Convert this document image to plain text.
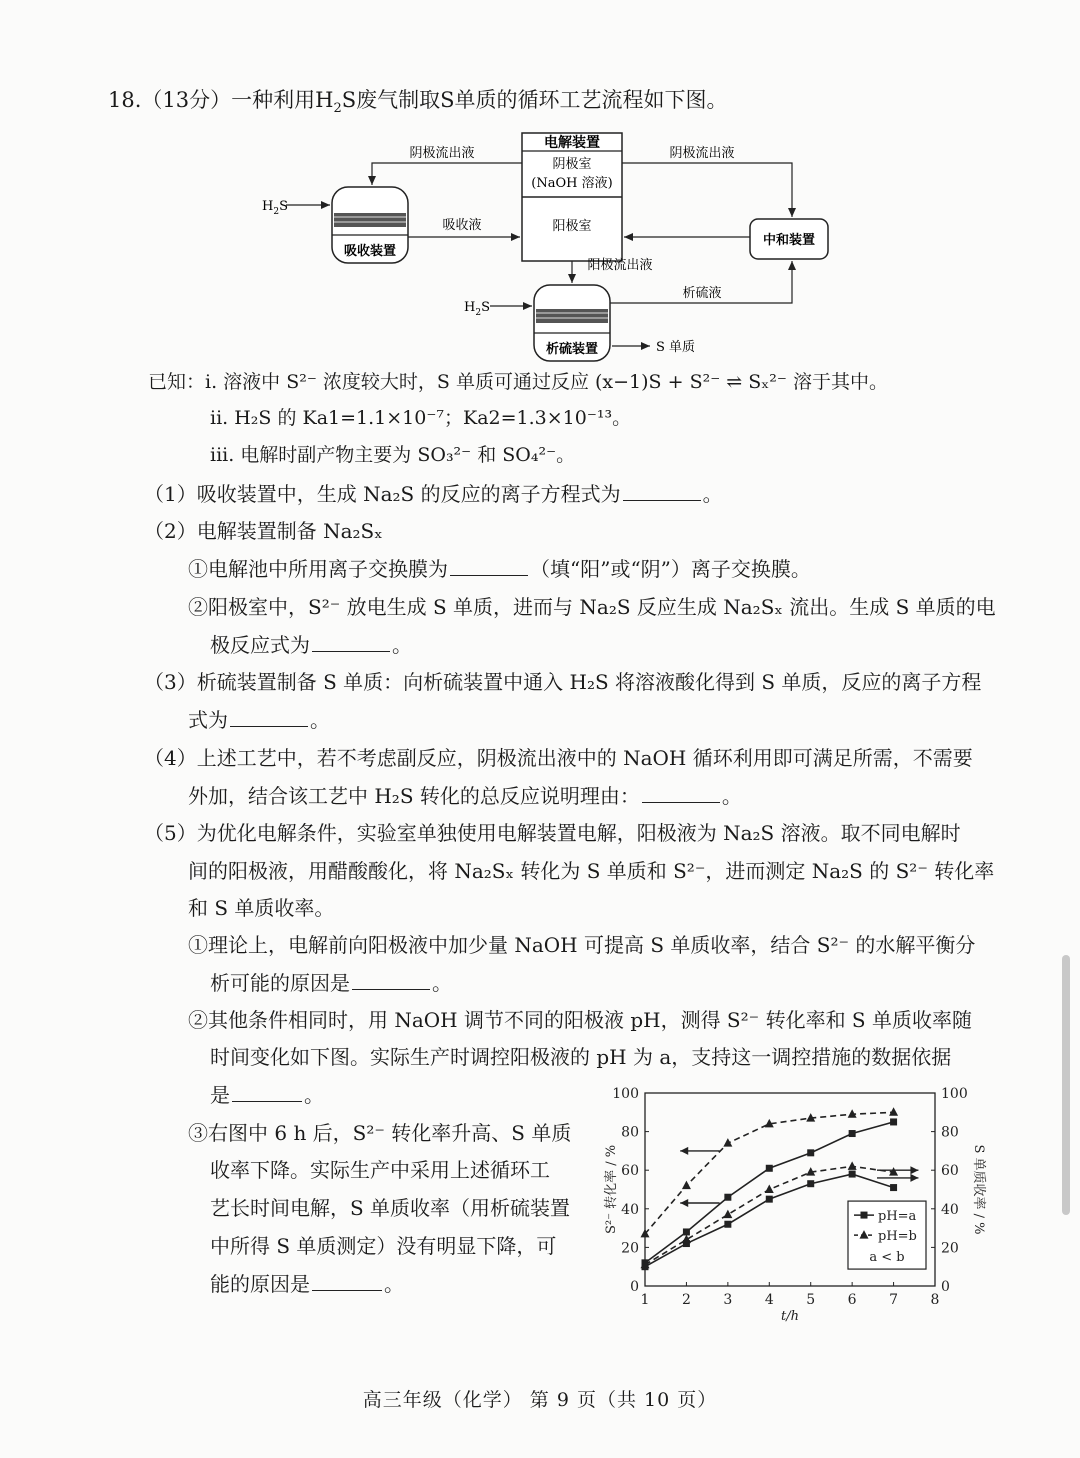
18.（13分）一种利用$H_2S$废气制取S单质的循环工艺流程如下图。
电解装置
阴极室
(NaOH 溶液)
阳极室
吸收装置
中和装置
析硫装置
阴极流出液	阴极流出液
吸收液
阳极流出液
析硫液
$H_2S$
$H_2S$
S 单质
已知：i. 溶液中 S²⁻ 浓度较大时，S 单质可通过反应 (x−1)S + S²⁻ ⇌ Sₓ²⁻ 溶于其中。
ii. H₂S 的 Ka1=1.1×10⁻⁷；Ka2=1.3×10⁻¹³。
iii. 电解时副产物主要为 SO₃²⁻ 和 SO₄²⁻。
（1）吸收装置中，生成 Na₂S 的反应的离子方程式为	。
（2）电解装置制备 Na₂Sₓ
①电解池中所用离子交换膜为	（填“阳”或“阴”）离子交换膜。
②阳极室中，S²⁻ 放电生成 S 单质，进而与 Na₂S 反应生成 Na₂Sₓ 流出。生成 S 单质的电
极反应式为	。
（3）析硫装置制备 S 单质：向析硫装置中通入 H₂S 将溶液酸化得到 S 单质，反应的离子方程
式为	。
（4）上述工艺中，若不考虑副反应，阴极流出液中的 NaOH 循环利用即可满足所需，不需要
外加，结合该工艺中 H₂S 转化的总反应说明理由：	。
（5）为优化电解条件，实验室单独使用电解装置电解，阳极液为 Na₂S 溶液。取不同电解时
间的阳极液，用醋酸酸化，将 Na₂Sₓ 转化为 S 单质和 S²⁻，进而测定 Na₂S 的 S²⁻ 转化率
和 S 单质收率。
①理论上，电解前向阳极液中加少量 NaOH 可提高 S 单质收率，结合 S²⁻ 的水解平衡分
析可能的原因是	。
②其他条件相同时，用 NaOH 调节不同的阳极液 pH，测得 S²⁻ 转化率和 S 单质收率随
时间变化如下图。实际生产时调控阳极液的 pH 为 a，支持这一调控措施的数据依据
是	。
③右图中 6 h 后，S²⁻ 转化率升高、S 单质
收率下降。实际生产中采用上述循环工
艺长时间电解，S 单质收率（用析硫装置
中所得 S 单质测定）没有明显下降，可
能的原因是	。
1 2 3 4 5 6 7 8
0
20
40
60
80
100
0
20
40
60
80
100
t/h
S²⁻ 转化率 / %	S 单质收率 / %
pH=a
pH=b
a < b
高三年级（化学） 第 9 页（共 10 页）
